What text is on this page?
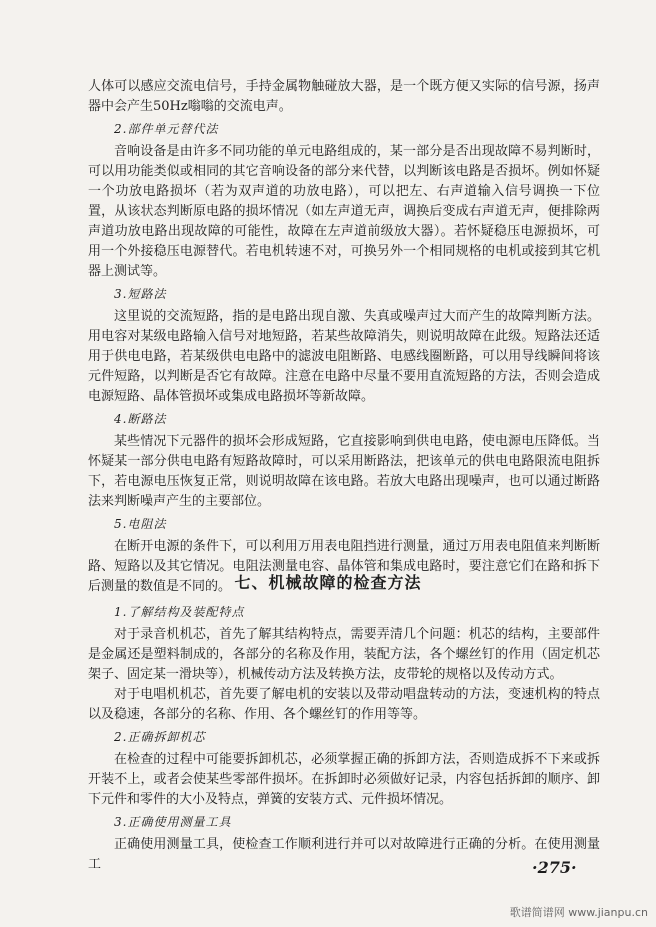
人体可以感应交流电信号，手持金属物触碰放大器，是一个既方便又实际的信号源，扬声器中会产生50Hz嗡嗡的交流电声。

2.部件单元替代法

音响设备是由许多不同功能的单元电路组成的，某一部分是否出现故障不易判断时，可以用功能类似或相同的其它音响设备的部分来代替，以判断该电路是否损坏。例如怀疑一个功放电路损坏（若为双声道的功放电路），可以把左、右声道输入信号调换一下位置，从该状态判断原电路的损坏情况（如左声道无声，调换后变成右声道无声，便排除两声道功放电路出现故障的可能性，故障在左声道前级放大器）。若怀疑稳压电源损坏，可用一个外接稳压电源替代。若电机转速不对，可换另外一个相同规格的电机或接到其它机器上测试等。

3.短路法

这里说的交流短路，指的是电路出现自激、失真或噪声过大而产生的故障判断方法。用电容对某级电路输入信号对地短路，若某些故障消失，则说明故障在此级。短路法还适用于供电电路，若某级供电电路中的滤波电阻断路、电感线圈断路，可以用导线瞬间将该元件短路，以判断是否它有故障。注意在电路中尽量不要用直流短路的方法，否则会造成电源短路、晶体管损坏或集成电路损坏等新故障。

4.断路法

某些情况下元器件的损坏会形成短路，它直接影响到供电电路，使电源电压降低。当怀疑某一部分供电电路有短路故障时，可以采用断路法，把该单元的供电电路限流电阻拆下，若电源电压恢复正常，则说明故障在该电路。若放大电路出现噪声，也可以通过断路法来判断噪声产生的主要部位。

5.电阻法

在断开电源的条件下，可以利用万用表电阻挡进行测量，通过万用表电阻值来判断断路、短路以及其它情况。电阻法测量电容、晶体管和集成电路时，要注意它们在路和拆下后测量的数值是不同的。 七、机械故障的检查方法
1.了解结构及装配特点

对于录音机机芯，首先了解其结构特点，需要弄清几个问题：机芯的结构，主要部件是金属还是塑料制成的，各部分的名称及作用，装配方法，各个螺丝钉的作用（固定机芯架子、固定某一滑块等），机械传动方法及转换方法，皮带轮的规格以及传动方式。

对于电唱机机芯，首先要了解电机的安装以及带动唱盘转动的方法，变速机构的特点以及稳速，各部分的名称、作用、各个螺丝钉的作用等等。

2.正确拆卸机芯

在检查的过程中可能要拆卸机芯，必须掌握正确的拆卸方法，否则造成拆不下来或拆开装不上，或者会使某些零部件损坏。在拆卸时必须做好记录，内容包括拆卸的顺序、卸下元件和零件的大小及特点，弹簧的安装方式、元件损坏情况。

3.正确使用测量工具

正确使用测量工具，使检查工作顺利进行并可以对故障进行正确的分析。在使用测量工	·275·
歌谱简谱网 www.jianpu.cn
